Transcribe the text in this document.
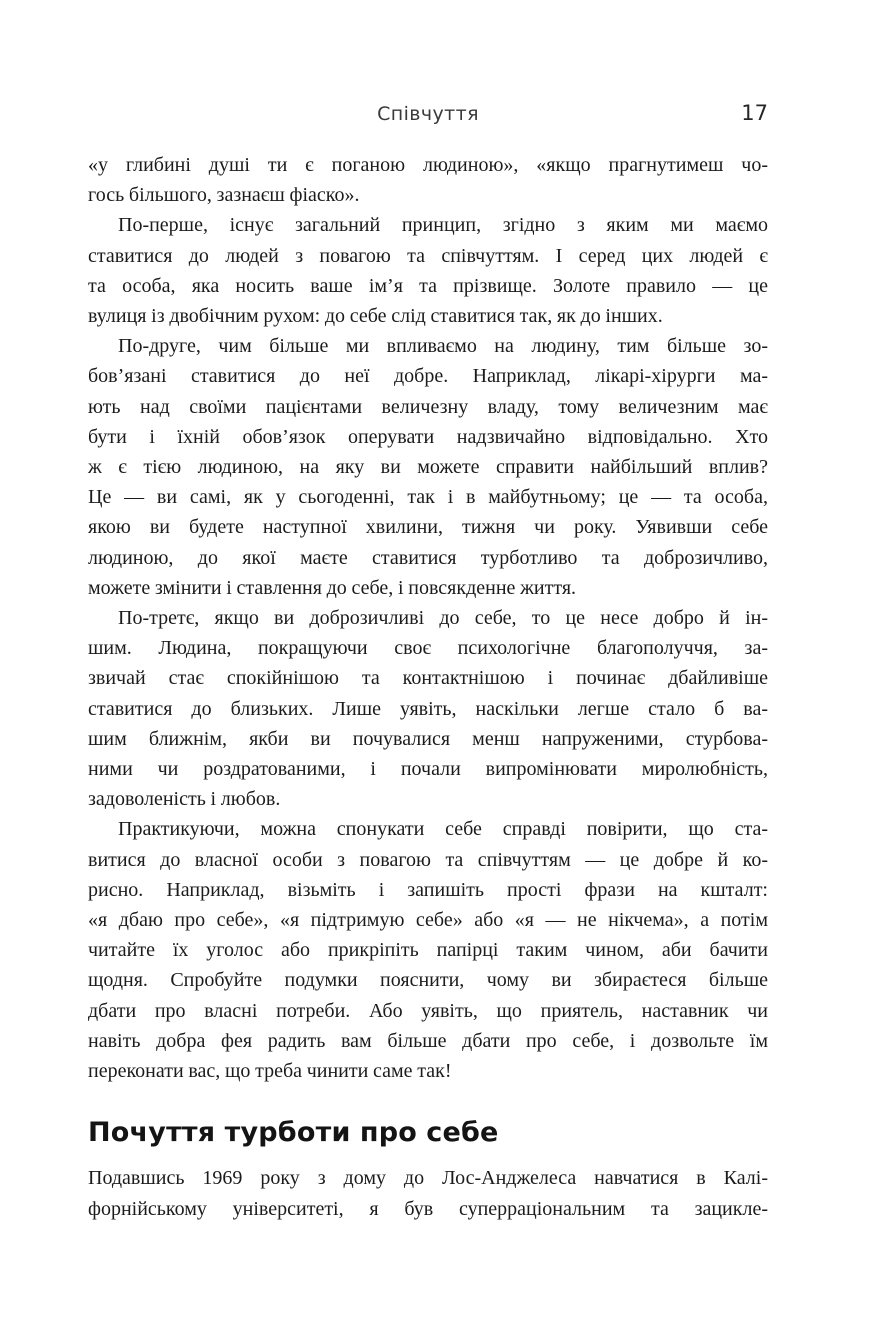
Співчуття	17
«у глибині душі ти є поганою людиною», «якщо прагнутимеш чо-
гось більшого, зазнаєш фіаско».
По-перше, існує загальний принцип, згідно з яким ми маємо
ставитися до людей з повагою та співчуттям. І серед цих людей є
та особа, яка носить ваше ім’я та прізвище. Золоте правило — це
вулиця із двобічним рухом: до себе слід ставитися так, як до інших.
По-друге, чим більше ми впливаємо на людину, тим більше зо-
бов’язані ставитися до неї добре. Наприклад, лікарі-хірурги ма-
ють над своїми пацієнтами величезну владу, тому величезним має
бути і їхній обов’язок оперувати надзвичайно відповідально. Хто
ж є тією людиною, на яку ви можете справити найбільший вплив?
Це — ви самі, як у сьогоденні, так і в майбутньому; це — та особа,
якою ви будете наступної хвилини, тижня чи року. Уявивши себе
людиною, до якої маєте ставитися турботливо та доброзичливо,
можете змінити і ставлення до себе, і повсякденне життя.
По-третє, якщо ви доброзичливі до себе, то це несе добро й ін-
шим. Людина, покращуючи своє психологічне благополуччя, за-
звичай стає спокійнішою та контактнішою і починає дбайливіше
ставитися до близьких. Лише уявіть, наскільки легше стало б ва-
шим ближнім, якби ви почувалися менш напруженими, стурбова-
ними чи роздратованими, і почали випромінювати миролюбність,
задоволеність і любов.
Практикуючи, можна спонукати себе справді повірити, що ста-
витися до власної особи з повагою та співчуттям — це добре й ко-
рисно. Наприклад, візьміть і запишіть прості фрази на кшталт:
«я дбаю про себе», «я підтримую себе» або «я — не нікчема», а потім
читайте їх уголос або прикріпіть папірці таким чином, аби бачити
щодня. Спробуйте подумки пояснити, чому ви збираєтеся більше
дбати про власні потреби. Або уявіть, що приятель, наставник чи
навіть добра фея радить вам більше дбати про себе, і дозвольте їм
переконати вас, що треба чинити саме так!
Почуття турботи про себе
Подавшись 1969 року з дому до Лос-Анджелеса навчатися в Калі-
форнійському університеті, я був суперраціональним та зацикле-
